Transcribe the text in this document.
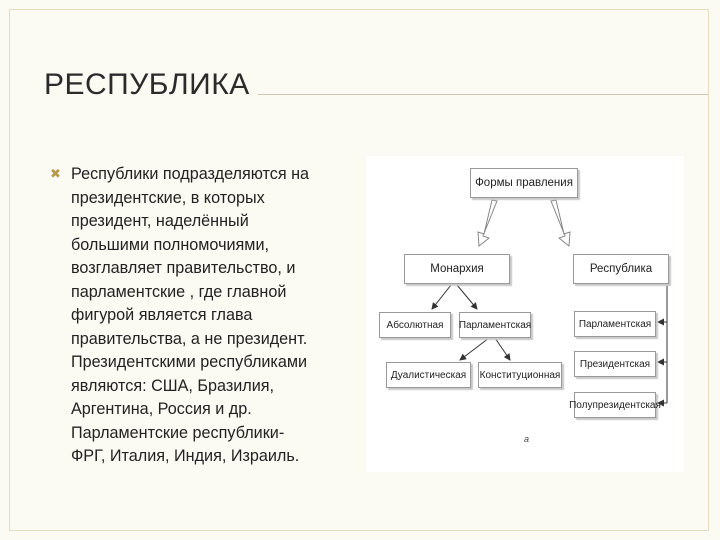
РЕСПУБЛИКА
✖ Республики подразделяются на
президентские, в которых
президент, наделённый
большими полномочиями,
возглавляет правительство, и
парламентские , где главной
фигурой является глава
правительства, а не президент.
Президентскими республиками
являются: США, Бразилия,
Аргентина, Россия и др.
Парламентские республики-
ФРГ, Италия, Индия, Израиль.
Формы правления
Монархия	Республика
Абсолютная	Парламентская
Дуалистическая	Конституционная
Парламентская
Президентская
Полупрезидентская
а
